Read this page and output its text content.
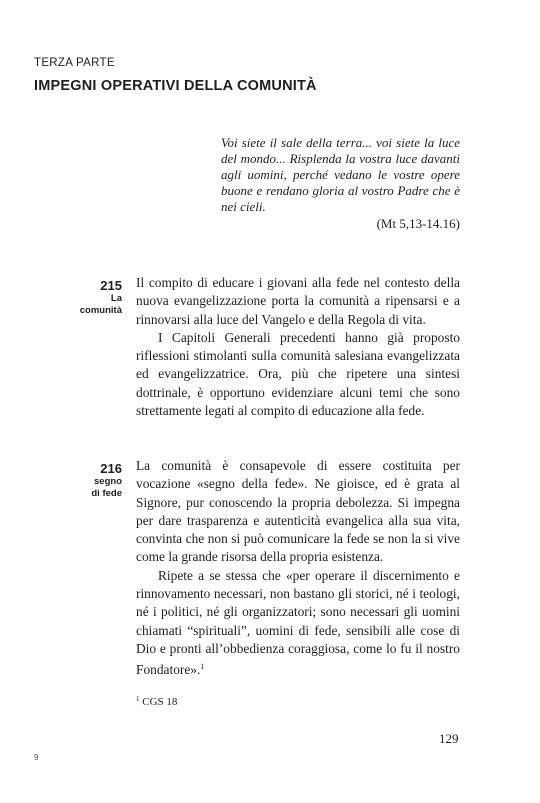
TERZA PARTE
IMPEGNI OPERATIVI DELLA COMUNITÀ
Voi siete il sale della terra... voi siete la luce del mondo... Risplenda la vostra luce davanti agli uomini, perché vedano le vostre opere buone e rendano gloria al vostro Padre che è nei cieli.
(Mt 5,13-14.16)
215
La
comunità

Il compito di educare i giovani alla fede nel contesto della nuova evangelizzazione porta la comunità a ripensarsi e a rinnovarsi alla luce del Vangelo e della Regola di vita.

I Capitoli Generali precedenti hanno già proposto riflessioni stimolanti sulla comunità salesiana evangelizzata ed evangelizzatrice. Ora, più che ripetere una sintesi dottrinale, è opportuno evidenziare alcuni temi che sono strettamente legati al compito di educazione alla fede.

216
segno
di fede

La comunità è consapevole di essere costituita per vocazione «segno della fede». Ne gioisce, ed è grata al Signore, pur conoscendo la propria debolezza. Si impegna per dare trasparenza e autenticità evangelica alla sua vita, convinta che non si può comunicare la fede se non la si vive come la grande risorsa della propria esistenza.

Ripete a se stessa che «per operare il discernimento e rinnovamento necessari, non bastano gli storici, né i teologi, né i politici, né gli organizzatori; sono necessari gli uomini chiamati “spirituali”, uomini di fede, sensibili alle cose di Dio e pronti all’obbedienza coraggiosa, come lo fu il nostro Fondatore».$^1$

$^1$ CGS 18
129
9
